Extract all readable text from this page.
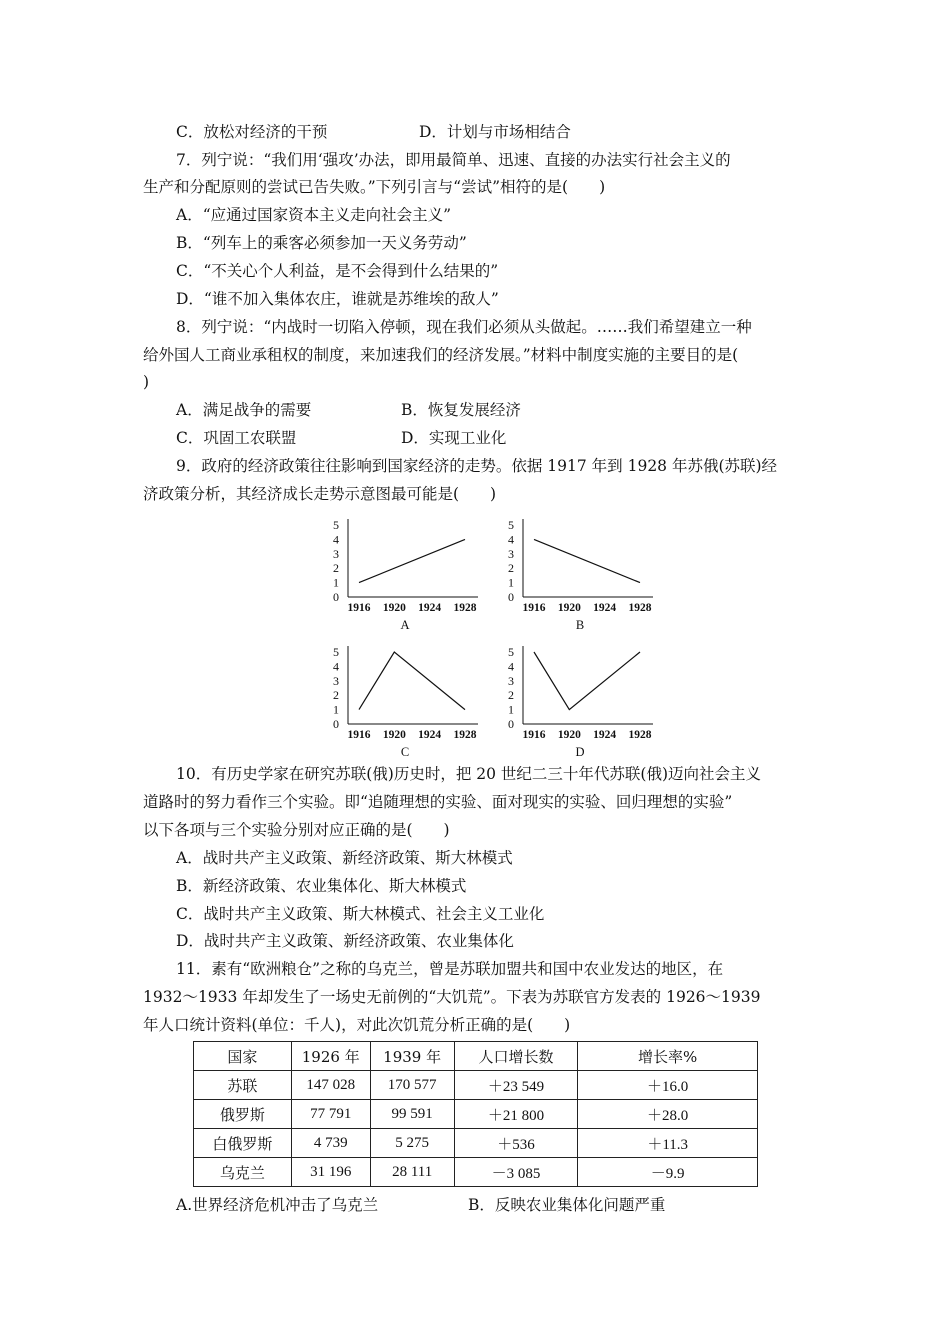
C．放松对经济的干预	D．计划与市场相结合
7．列宁说：“我们用‘强攻’办法，即用最简单、迅速、直接的办法实行社会主义的
生产和分配原则的尝试已告失败。”下列引言与“尝试”相符的是(　　)
A．“应通过国家资本主义走向社会主义”
B．“列车上的乘客必须参加一天义务劳动”
C．“不关心个人利益，是不会得到什么结果的”
D．“谁不加入集体农庄，谁就是苏维埃的敌人”
8．列宁说：“内战时一切陷入停顿，现在我们必须从头做起。……我们希望建立一种
给外国人工商业承租权的制度，来加速我们的经济发展。”材料中制度实施的主要目的是(
)
A．满足战争的需要	B．恢复发展经济
C．巩固工农联盟	D．实现工业化
9．政府的经济政策往往影响到国家经济的走势。依据 1917 年到 1928 年苏俄(苏联)经
济政策分析，其经济成长走势示意图最可能是(　　)
0
1
2
3
4
5
1916 1920 1924 1928
A
0
1
2
3
4
5
1916 1920 1924 1928
B
0
1
2
3
4
5
1916 1920 1924 1928
C
0
1
2
3
4
5
1916 1920 1924 1928
D
10．有历史学家在研究苏联(俄)历史时，把 20 世纪二三十年代苏联(俄)迈向社会主义
道路时的努力看作三个实验。即“追随理想的实验、面对现实的实验、回归理想的实验”
以下各项与三个实验分别对应正确的是(　　)
A．战时共产主义政策、新经济政策、斯大林模式
B．新经济政策、农业集体化、斯大林模式
C．战时共产主义政策、斯大林模式、社会主义工业化
D．战时共产主义政策、新经济政策、农业集体化
11．素有“欧洲粮仓”之称的乌克兰，曾是苏联加盟共和国中农业发达的地区，在
1932～1933 年却发生了一场史无前例的“大饥荒”。下表为苏联官方发表的 1926～1939
年人口统计资料(单位：千人)，对此次饥荒分析正确的是(　　)
国家	1926 年	1939 年	人口增长数	增长率%
苏联	147 028	170 577	＋23 549	＋16.0
俄罗斯	77 791	99 591	＋21 800	＋28.0
白俄罗斯	4 739	5 275	＋536	＋11.3
乌克兰	31 196	28 111	－3 085	－9.9
A.世界经济危机冲击了乌克兰	B．反映农业集体化问题严重
